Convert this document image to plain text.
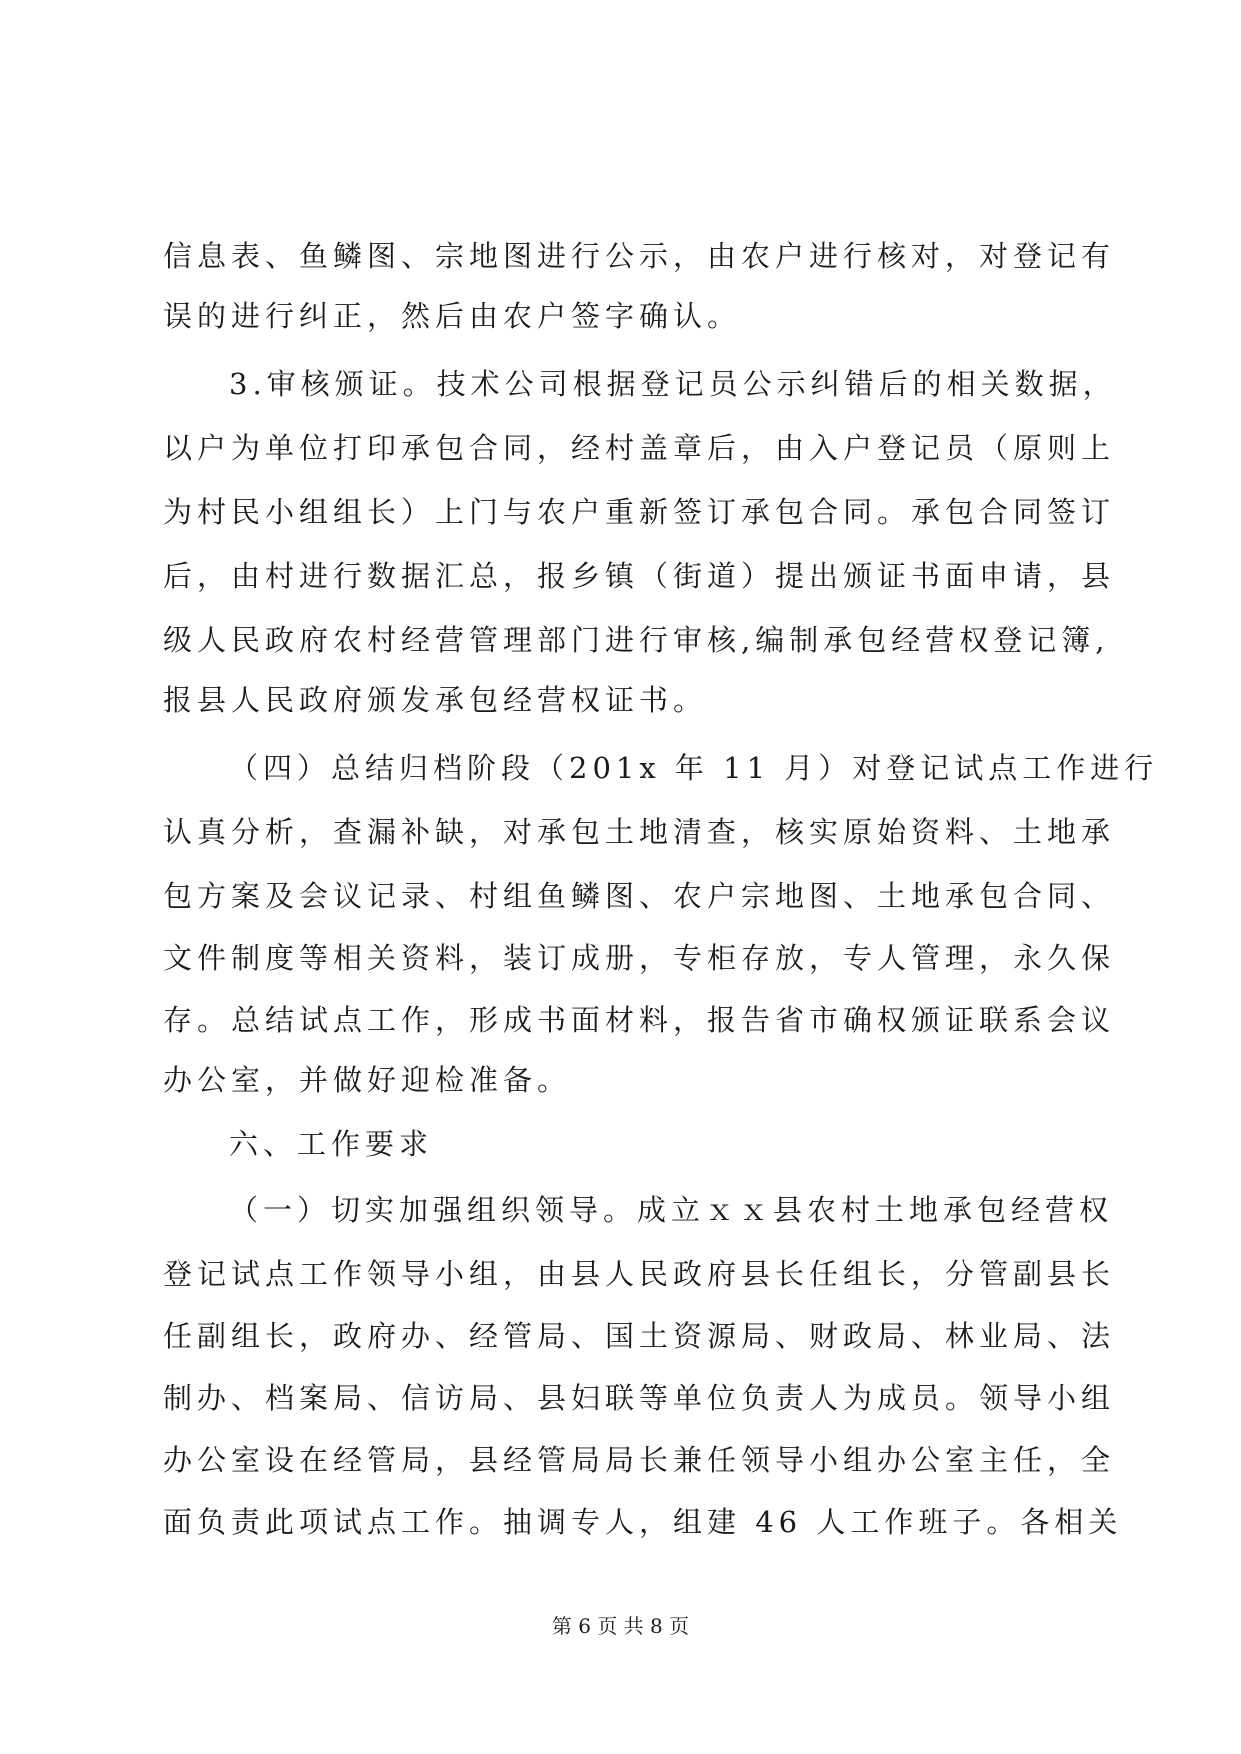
信息表、鱼鳞图、宗地图进行公示，由农户进行核对，对登记有
误的进行纠正，然后由农户签字确认。
3.审核颁证。技术公司根据登记员公示纠错后的相关数据，
以户为单位打印承包合同，经村盖章后，由入户登记员（原则上
为村民小组组长）上门与农户重新签订承包合同。承包合同签订
后，由村进行数据汇总，报乡镇（街道）提出颁证书面申请，县
级人民政府农村经营管理部门进行审核,编制承包经营权登记簿,
报县人民政府颁发承包经营权证书。
（四）总结归档阶段（201x 年 11 月）对登记试点工作进行
认真分析，查漏补缺，对承包土地清查，核实原始资料、土地承
包方案及会议记录、村组鱼鳞图、农户宗地图、土地承包合同、
文件制度等相关资料，装订成册，专柜存放，专人管理，永久保
存。总结试点工作，形成书面材料，报告省市确权颁证联系会议
办公室，并做好迎检准备。
六、工作要求
（一）切实加强组织领导。成立ｘｘ县农村土地承包经营权
登记试点工作领导小组，由县人民政府县长任组长，分管副县长
任副组长，政府办、经管局、国土资源局、财政局、林业局、法
制办、档案局、信访局、县妇联等单位负责人为成员。领导小组
办公室设在经管局，县经管局局长兼任领导小组办公室主任，全
面负责此项试点工作。抽调专人，组建 46 人工作班子。各相关
第 6 页 共 8 页
